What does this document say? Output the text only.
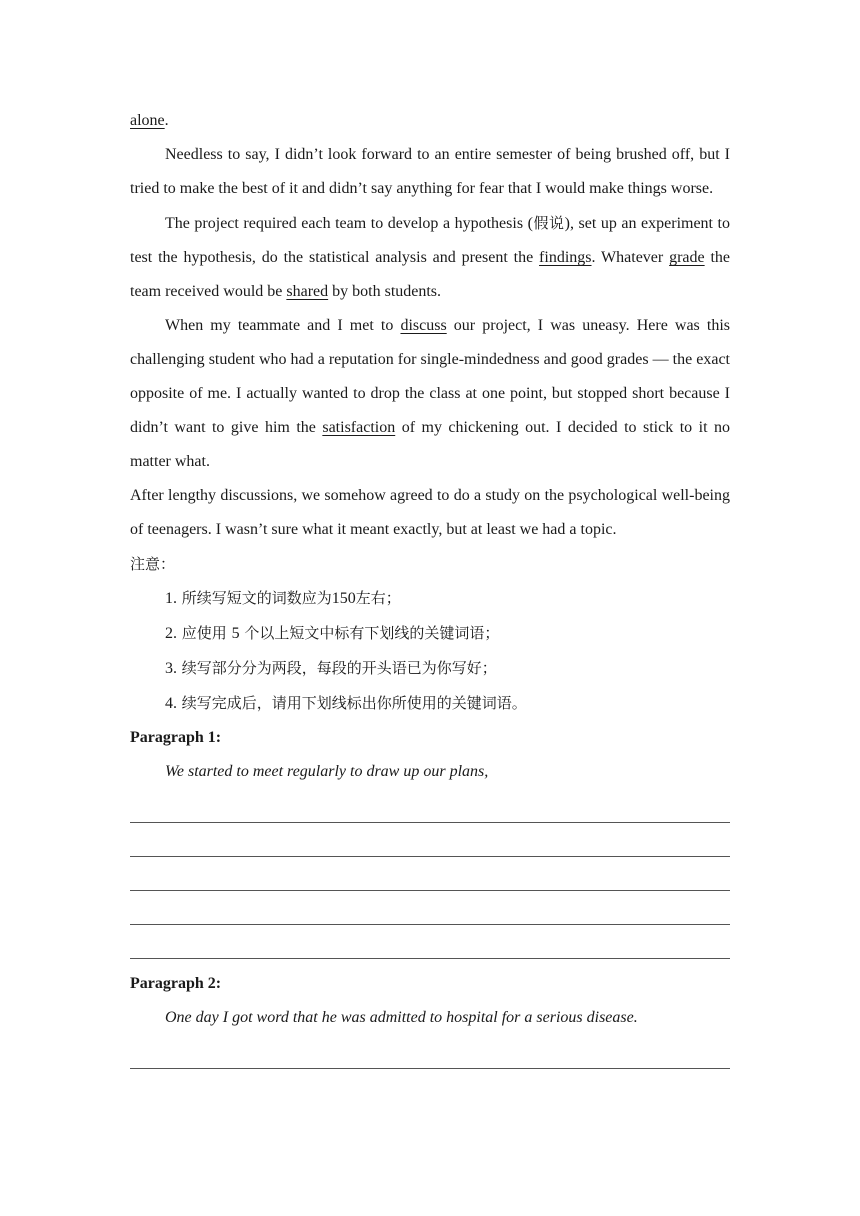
alone.

Needless to say, I didn’t look forward to an entire semester of being brushed off, but I tried to make the best of it and didn’t say anything for fear that I would make things worse.

The project required each team to develop a hypothesis (假说), set up an experiment to test the hypothesis, do the statistical analysis and present the findings. Whatever grade the team received would be shared by both students.

When my teammate and I met to discuss our project, I was uneasy. Here was this challenging student who had a reputation for single-mindedness and good grades — the exact opposite of me. I actually wanted to drop the class at one point, but stopped short because I didn’t want to give him the satisfaction of my chickening out. I decided to stick to it no matter what.

After lengthy discussions, we somehow agreed to do a study on the psychological well-being of teenagers. I wasn’t sure what it meant exactly, but at least we had a topic.

注意：

1. 所续写短文的词数应为150左右；

2. 应使用 5 个以上短文中标有下划线的关键词语；

3. 续写部分分为两段，每段的开头语已为你写好；

4. 续写完成后，请用下划线标出你所使用的关键词语。

Paragraph 1:

We started to meet regularly to draw up our plans,

Paragraph 2:

One day I got word that he was admitted to hospital for a serious disease.
